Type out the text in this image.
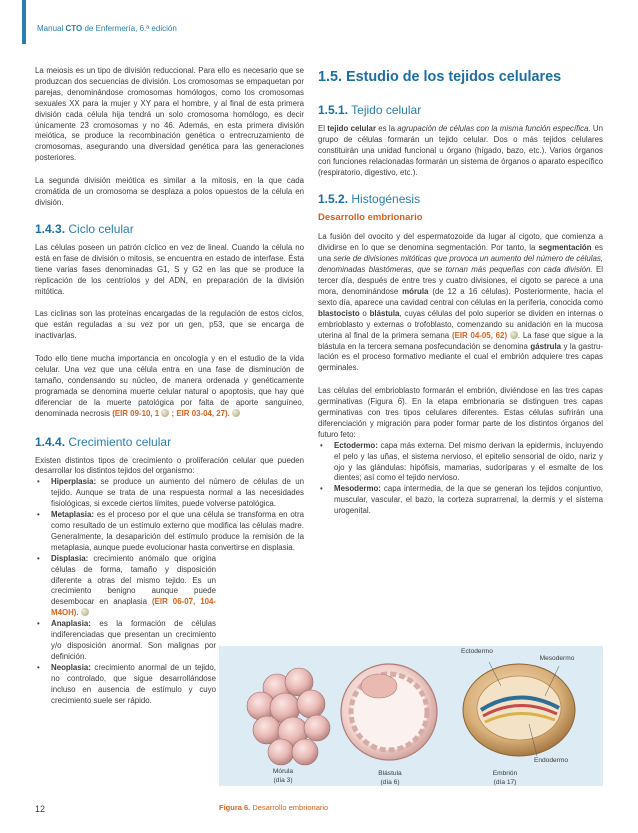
Manual CTO de Enfermería, 6.ª edición

La meiosis es un tipo de división reduccional. Para ello es necesario que se produzcan dos secuencias de división. Los cromosomas se empaquetan por parejas, denominándose cromosomas homólogos, como los cromosomas sexuales XX para la mujer y XY para el hombre, y al final de esta primera división cada célula hija tendrá un solo cromosoma homólogo, es decir únicamente 23 cromosomas y no 46. Además, en esta primera división meiótica, se produce la recombinación genética o entrecruzamiento de cromosomas, asegurando una diversidad genética para las generaciones posteriores.

La segunda división meiótica es similar a la mitosis, en la que cada cromátida de un cromosoma se desplaza a polos opuestos de la célula en división.

1.4.3. Ciclo celular

Las células poseen un patrón cíclico en vez de lineal. Cuando la célula no está en fase de división o mitosis, se encuentra en estado de interfase. Ésta tiene varias fases denominadas G1, S y G2 en las que se produce la replicación de los centríolos y del ADN, en preparación de la división mitótica.

Las ciclinas son las proteínas encargadas de la regulación de estos ciclos, que están reguladas a su vez por un gen, p53, que se encarga de inactivarlas.

Todo ello tiene mucha importancia en oncología y en el estudio de la vida celular. Una vez que una célula entra en una fase de disminución de tamaño, condensando su núcleo, de manera ordenada y genéticamente programada se denomina muerte celular natural o apoptosis, que hay que diferenciar de la muerte patológica por falta de aporte sanguíneo, denominada necrosis (EIR 09-10, 1  ; EIR 03-04, 27).

1.4.4. Crecimiento celular

Existen distintos tipos de crecimiento o proliferación celular que pueden desarrollar los distintos tejidos del organismo:

• Hiperplasia: se produce un aumento del número de células de un tejido. Aunque se trata de una respuesta normal a las necesidades fisiológicas, si excede ciertos límites, puede volverse patológica.
• Metaplasia: es el proceso por el que una célula se transforma en otra como resultado de un estímulo externo que modifica las células madre. Generalmente, la desaparición del estímulo produce la remisión de la metaplasia, aunque puede evolucionar hasta convertirse en displasia.
• Displasia: crecimiento anómalo que origina células de forma, tamaño y disposición diferente a otras del mismo tejido. Es un crecimiento benigno aunque puede desembocar en anaplasia (EIR 06-07, 104-M4OH).
• Anaplasia: es la formación de células indiferenciadas que presentan un crecimiento y/o disposición anormal. Son malignas por definición.
• Neoplasia: crecimiento anormal de un tejido, no controlado, que sigue desarrollándose incluso en ausencia de estímulo y cuyo crecimiento suele ser rápido.
1.5. Estudio de los tejidos celulares
1.5.1. Tejido celular

El tejido celular es la agrupación de células con la misma función específica. Un grupo de células formarán un tejido celular. Dos o más tejidos celulares constituirán una unidad funcional u órgano (hígado, bazo, etc.). Varios órganos con funciones relacionadas formarán un sistema de órganos o aparato específico (respiratorio, digestivo, etc.).

1.5.2. Histogénesis
Desarrollo embrionario

La fusión del ovocito y del espermatozoide da lugar al cigoto, que comienza a dividirse en lo que se denomina segmentación. Por tanto, la segmentación es una serie de divisiones mitóticas que provoca un aumento del número de células, denominadas blastómeras, que se tornan más pequeñas con cada división. El tercer día, después de entre tres y cuatro divisiones, el cigoto se parece a una mora, denominándose mórula (de 12 a 16 células). Posteriormente, hacia el sexto día, aparece una cavidad central con células en la periferia, conocida como blastocisto o blástula, cuyas células del polo superior se dividen en internas o embrioblasto y externas o trofoblasto, comenzando su anidación en la mucosa uterina al final de la primera semana (EIR 04-05, 62) . La fase que sigue a la blástula en la tercera semana posfecundación se denomina gástrula y la gastru-lación es el proceso formativo mediante el cual el embrión adquiere tres capas germinales.

Las células del embrioblasto formarán el embrión, diviéndose en las tres capas germinativas (Figura 6). En la etapa embrionaria se distinguen tres capas germinativas con tres tipos celulares diferentes. Estas células sufrirán una diferenciación y migración para poder formar parte de los distintos órganos del futuro feto:

• Ectodermo: capa más externa. Del mismo derivan la epidermis, incluyendo el pelo y las uñas, el sistema nervioso, el epitelio sensorial de oído, nariz y ojo y las glándulas: hipófisis, mamarias, sudoríparas y el esmalte de los dientes; así como el tejido nervioso.
• Mesodermo: capa intermedia, de la que se generan los tejidos conjuntivo, muscular, vascular, el bazo, la corteza suprarrenal, la dermis y el sistema urogenital.
Ectodermo
Mesodermo
Endodermo
Mórula
(día 3)
Blástula
(día 6)
Embrión
(día 17)
Figura 6. Desarrollo embrionario
12
